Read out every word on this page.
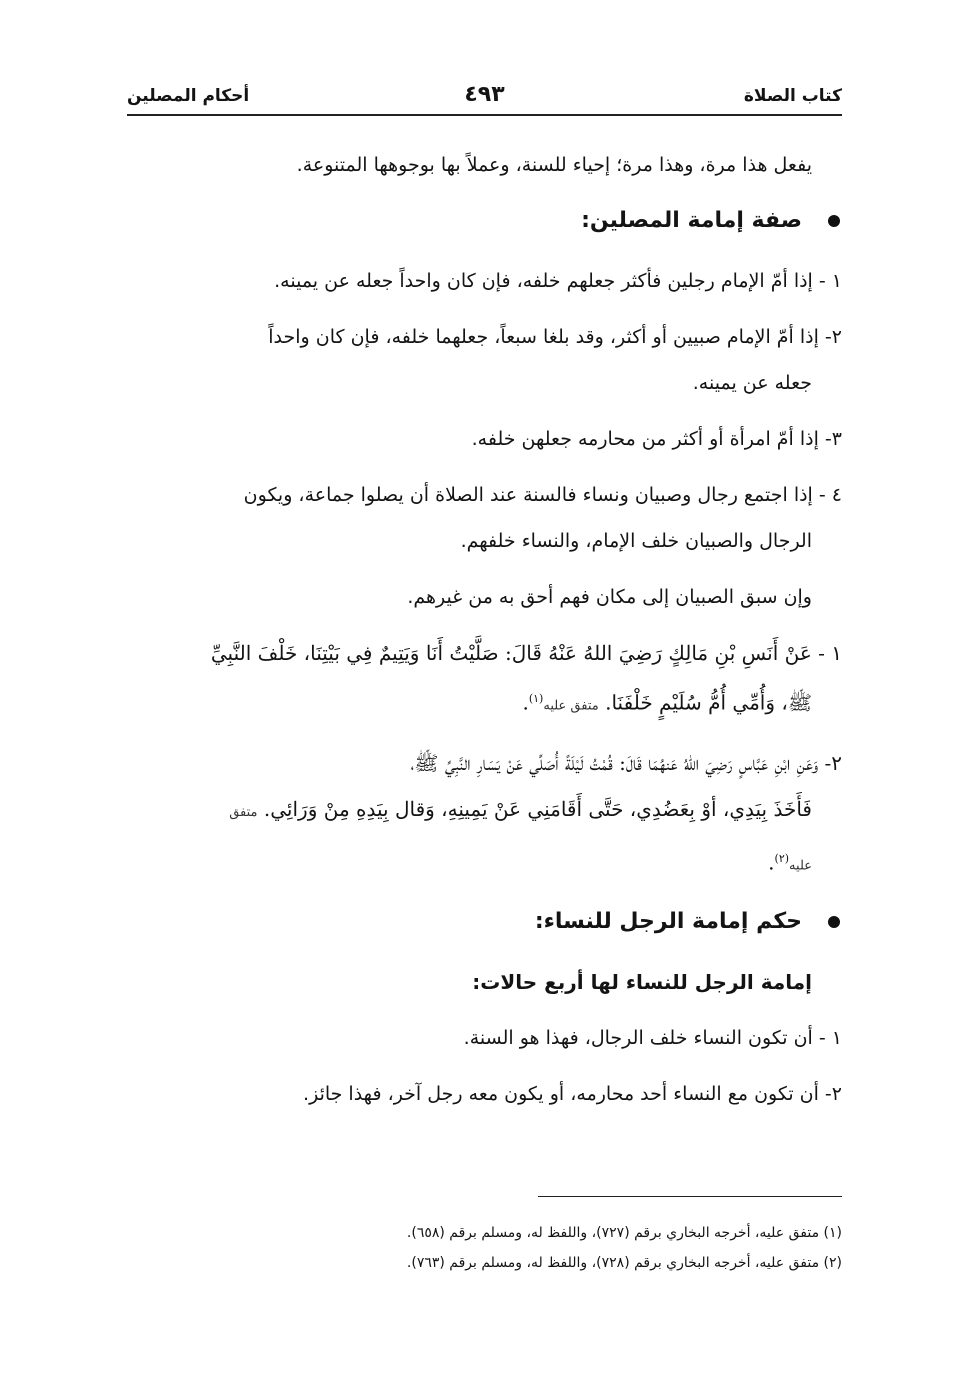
كتاب الصلاة
٤٩٣
أحكام المصلين
يفعل هذا مرة، وهذا مرة؛ إحياء للسنة، وعملاً بها بوجوهها المتنوعة.
صفة إمامة المصلين:
١ - إذا أمّ الإمام رجلين فأكثر جعلهم خلفه، فإن كان واحداً جعله عن يمينه.
٢- إذا أمّ الإمام صبيين أو أكثر، وقد بلغا سبعاً، جعلهما خلفه، فإن كان واحداً
جعله عن يمينه.
٣- إذا أمّ امرأة أو أكثر من محارمه جعلهن خلفه.
٤ - إذا اجتمع رجال وصبيان ونساء فالسنة عند الصلاة أن يصلوا جماعة، ويكون
الرجال والصبيان خلف الإمام، والنساء خلفهم.
وإن سبق الصبيان إلى مكان فهم أحق به من غيرهم.
١ - عَنْ أَنَسِ بْنِ مَالِكٍ رَضِيَ اللهُ عَنْهُ قَالَ: صَلَّيْتُ أَنَا وَيَتِيمٌ فِي بَيْتِنَا، خَلْفَ النَّبِيِّ
ﷺ، وَأُمِّي أُمُّ سُلَيْمٍ خَلْفَنَا. متفق عليه$^{(١)}$.
٢- وَعَنِ ابْنِ عَبَّاسٍ رَضِيَ اللهُ عَنهُمَا قَالَ: قُمْتُ لَيْلَةً أُصَلِّي عَنْ يَسَارِ النَّبِيِّ ﷺ،
فَأَخَذَ بِيَدِي، أوْ بِعَضُدِي، حَتَّى أَقَامَنِي عَنْ يَمِينِهِ، وَقال بِيَدِهِ مِنْ وَرَائِي. متفق
عليه$^{(٢)}$.
حكم إمامة الرجل للنساء:
إمامة الرجل للنساء لها أربع حالات:
١ - أن تكون النساء خلف الرجال، فهذا هو السنة.
٢- أن تكون مع النساء أحد محارمه، أو يكون معه رجل آخر، فهذا جائز.
(١) متفق عليه، أخرجه البخاري برقم (٧٢٧)، واللفظ له، ومسلم برقم (٦٥٨).
(٢) متفق عليه، أخرجه البخاري برقم (٧٢٨)، واللفظ له، ومسلم برقم (٧٦٣).
